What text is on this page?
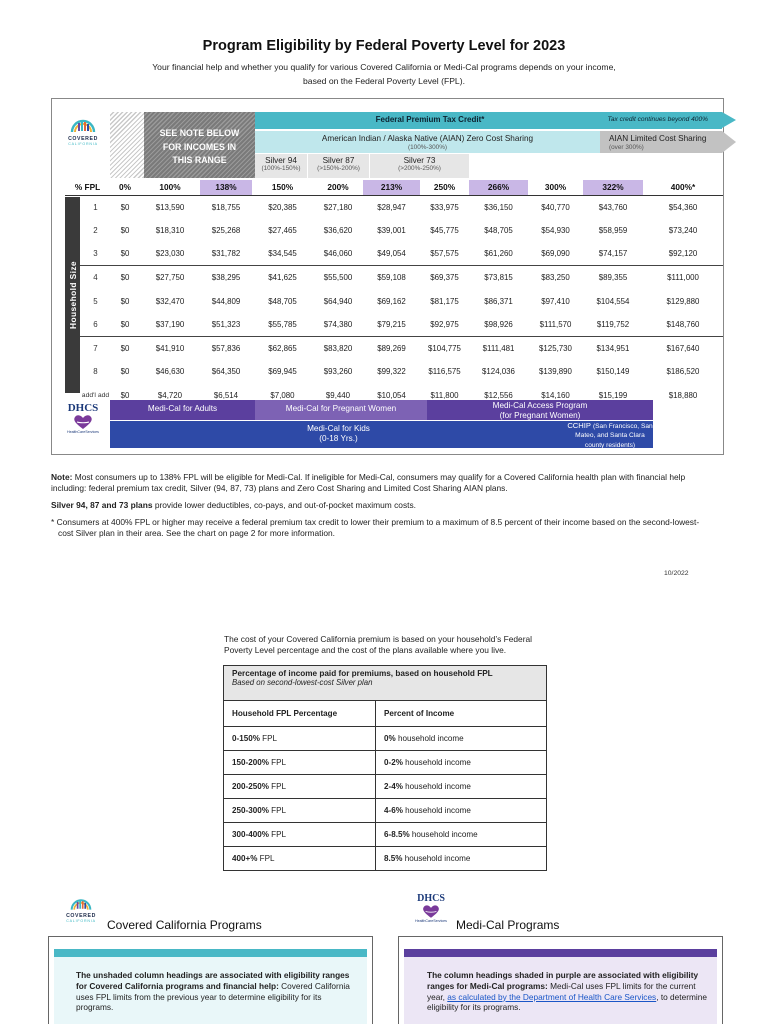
Program Eligibility by Federal Poverty Level for 2023
Your financial help and whether you qualify for various Covered California or Medi-Cal programs depends on your income,
based on the Federal Poverty Level (FPL).
COVERED
CALIFORNIA
SEE NOTE BELOW
FOR INCOMES IN
THIS RANGE
Federal Premium Tax Credit*	Tax credit continues beyond 400%
American Indian / Alaska Native (AIAN) Zero Cost Sharing
(100%-300%)
AIAN Limited Cost Sharing
(over 300%)
Silver 94
(100%-150%)
Silver 87
(>150%-200%)
Silver 73
(>200%-250%)
% FPL	0%	100%	138%	150%	200%	213%	250%	266%	300%	322%	400%*
1	$0	$13,590	$18,755	$20,385	$27,180	$28,947	$33,975	$36,150	$40,770	$43,760	$54,360
2	$0	$18,310	$25,268	$27,465	$36,620	$39,001	$45,775	$48,705	$54,930	$58,959	$73,240
3	$0	$23,030	$31,782	$34,545	$46,060	$49,054	$57,575	$61,260	$69,090	$74,157	$92,120
4	$0	$27,750	$38,295	$41,625	$55,500	$59,108	$69,375	$73,815	$83,250	$89,355	$111,000
5	$0	$32,470	$44,809	$48,705	$64,940	$69,162	$81,175	$86,371	$97,410	$104,554	$129,880
6	$0	$37,190	$51,323	$55,785	$74,380	$79,215	$92,975	$98,926	$111,570	$119,752	$148,760
7	$0	$41,910	$57,836	$62,865	$83,820	$89,269	$104,775	$111,481	$125,730	$134,951	$167,640
8	$0	$46,630	$64,350	$69,945	$93,260	$99,322	$116,575	$124,036	$139,890	$150,149	$186,520
add'l add	$0	$4,720	$6,514	$7,080	$9,440	$10,054	$11,800	$12,556	$14,160	$15,199	$18,880
Household Size
DHCS
HealthCareServices
Medi-Cal for Adults	Medi-Cal for Pregnant Women	Medi-Cal Access Program
(for Pregnant Women)
Medi-Cal for Kids
(0-18 Yrs.)
CCHIP (San Francisco, San Mateo, and Santa Clara county residents)

Note: Most consumers up to 138% FPL will be eligible for Medi-Cal. If ineligible for Medi-Cal, consumers may qualify for a Covered California health plan with financial help including: federal premium tax credit, Silver (94, 87, 73) plans and Zero Cost Sharing and Limited Cost Sharing AIAN plans.

Silver 94, 87 and 73 plans provide lower deductibles, co-pays, and out-of-pocket maximum costs.

* Consumers at 400% FPL or higher may receive a federal premium tax credit to lower their premium to a maximum of 8.5 percent of their income based on the second-lowest-cost Silver plan in their area. See the chart on page 2 for more information.

10/2022
The cost of your Covered California premium is based on your household’s Federal Poverty Level percentage and the cost of the plans available where you live.
Percentage of income paid for premiums, based on household FPL
Based on second-lowest-cost Silver plan	

Household FPL Percentage	Percent of Income
0-150% FPL	0% household income
150-200% FPL	0-2% household income
200-250% FPL	2-4% household income
250-300% FPL	4-6% household income
300-400% FPL	6-8.5% household income
400+% FPL	8.5% household income
COVERED
CALIFORNIA Covered California Programs
The unshaded column headings are associated with eligibility ranges for Covered California programs and financial help: Covered California uses FPL limits from the previous year to determine eligibility for its programs.
DHCS
HealthCareServices Medi-Cal Programs
The column headings shaded in purple are associated with eligibility ranges for Medi-Cal programs: Medi-Cal uses FPL limits for the current year, as calculated by the Department of Health Care Services, to determine eligibility for its programs.
